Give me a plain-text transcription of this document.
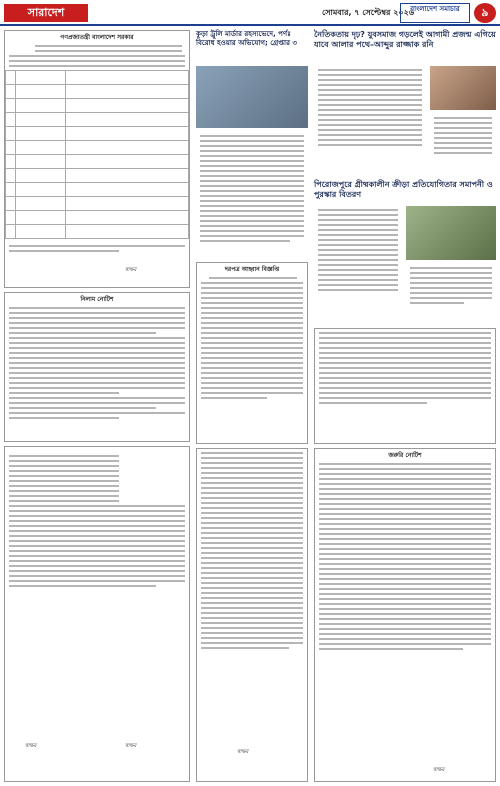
সারাদেশ	সোমবার, ৭ সেপ্টেম্বর ২০২৬
বাংলাদেশ সমাচার	৯
গণপ্রজাতন্ত্রী বাংলাদেশ সরকার

স্বাক্ষর
নিলাম নোটিশ
স্বাক্ষর	স্বাক্ষর
কুড়া ট্রুলি মার্ডার রহস্যভেদে, পর্ণঃ বিরোধ হওয়ার অভিযোগ; গ্রেপ্তার ৩
দরপত্র আহ্বান বিজ্ঞপ্তি
স্বাক্ষর
নৈতিকতায় দৃঢ়? যুবসমাজ গড়লেই আগামী প্রজন্ম এগিয়ে যাবে আলার পথে–আব্দুর রাজ্জাক রনি
পিরোজপুরে গ্রীষ্মকালীন ক্রীড়া প্রতিযোগিতার সমাপনী ও পুরস্কার বিতরণ
জরুরি নোটিশ
স্বাক্ষর
